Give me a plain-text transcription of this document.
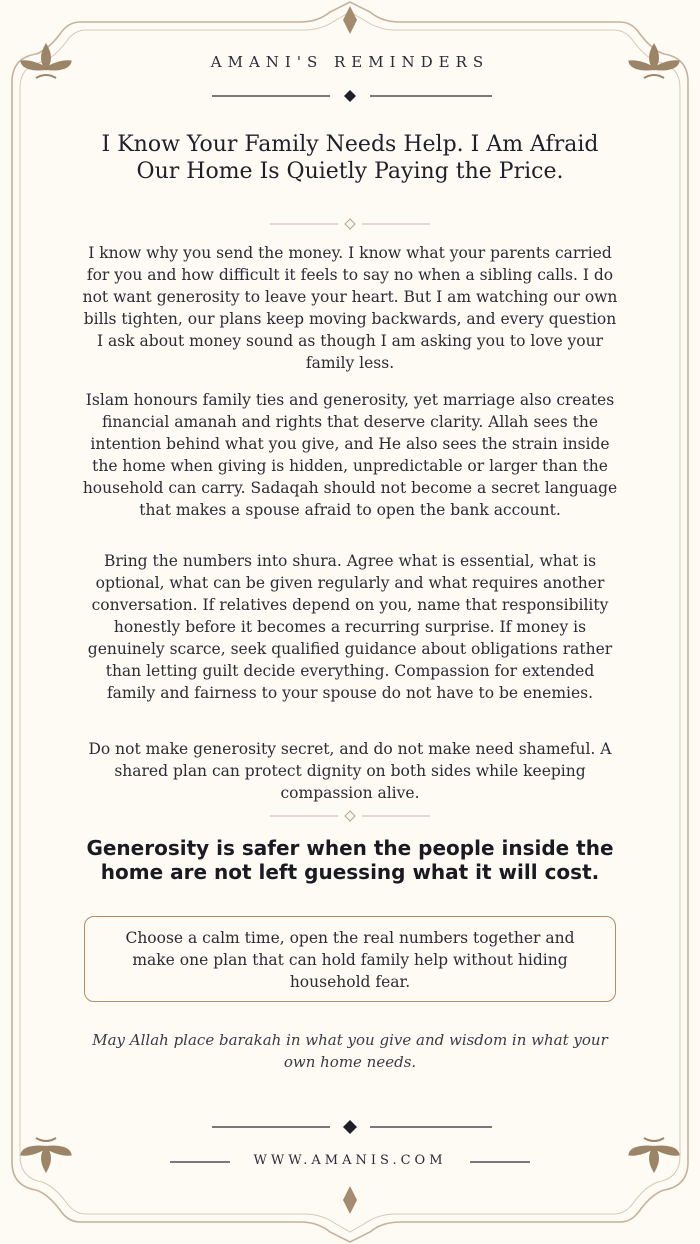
AMANI'S REMINDERS
I Know Your Family Needs Help. I Am Afraid Our Home Is Quietly Paying the Price.
I know why you send the money. I know what your parents carried for you and how difficult it feels to say no when a sibling calls. I do not want generosity to leave your heart. But I am watching our own bills tighten, our plans keep moving backwards, and every question I ask about money sound as though I am asking you to love your family less.
Islam honours family ties and generosity, yet marriage also creates financial amanah and rights that deserve clarity. Allah sees the intention behind what you give, and He also sees the strain inside the home when giving is hidden, unpredictable or larger than the household can carry. Sadaqah should not become a secret language that makes a spouse afraid to open the bank account.
Bring the numbers into shura. Agree what is essential, what is optional, what can be given regularly and what requires another conversation. If relatives depend on you, name that responsibility honestly before it becomes a recurring surprise. If money is genuinely scarce, seek qualified guidance about obligations rather than letting guilt decide everything. Compassion for extended family and fairness to your spouse do not have to be enemies.
Do not make generosity secret, and do not make need shameful. A shared plan can protect dignity on both sides while keeping compassion alive.
Generosity is safer when the people inside the home are not left guessing what it will cost.
Choose a calm time, open the real numbers together and make one plan that can hold family help without hiding household fear.
May Allah place barakah in what you give and wisdom in what your own home needs.
WWW.AMANIS.COM
